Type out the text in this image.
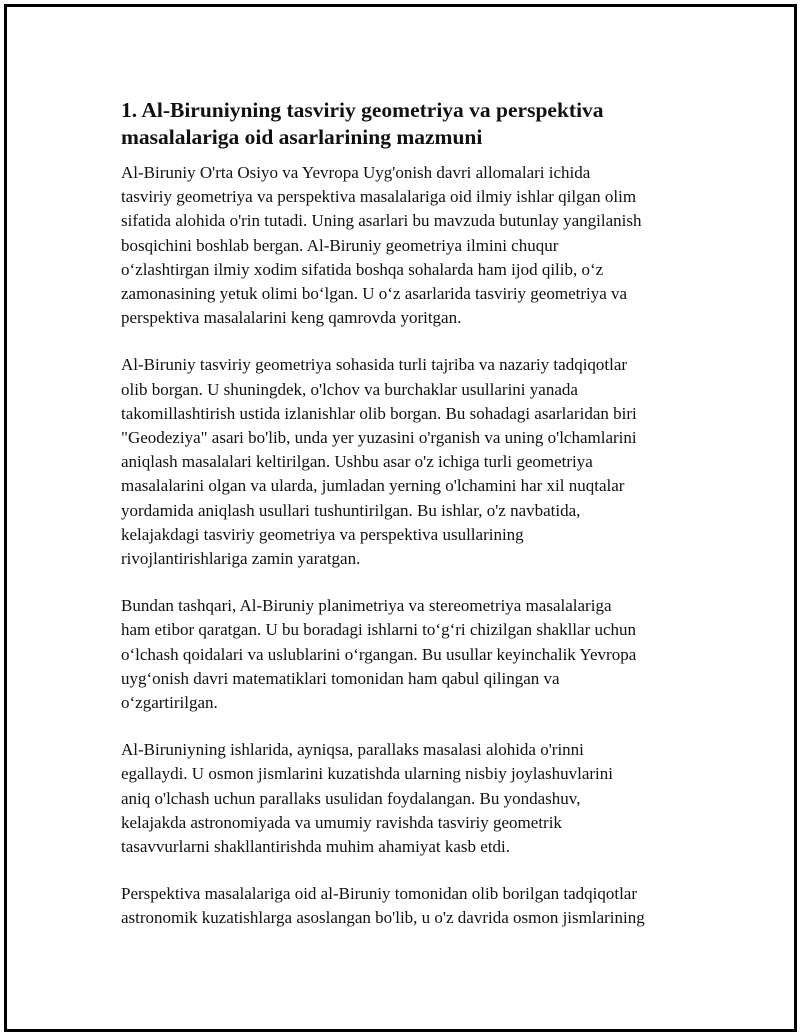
1. Al-Biruniyning tasviriy geometriya va perspektiva
masalalariga oid asarlarining mazmuni

Al-Biruniy O'rta Osiyo va Yevropa Uyg'onish davri allomalari ichida
tasviriy geometriya va perspektiva masalalariga oid ilmiy ishlar qilgan olim
sifatida alohida o'rin tutadi. Uning asarlari bu mavzuda butunlay yangilanish
bosqichini boshlab bergan. Al-Biruniy geometriya ilmini chuqur
o‘zlashtirgan ilmiy xodim sifatida boshqa sohalarda ham ijod qilib, o‘z
zamonasining yetuk olimi bo‘lgan. U o‘z asarlarida tasviriy geometriya va
perspektiva masalalarini keng qamrovda yoritgan.

Al-Biruniy tasviriy geometriya sohasida turli tajriba va nazariy tadqiqotlar
olib borgan. U shuningdek, o'lchov va burchaklar usullarini yanada
takomillashtirish ustida izlanishlar olib borgan. Bu sohadagi asarlaridan biri
"Geodeziya" asari bo'lib, unda yer yuzasini o'rganish va uning o'lchamlarini
aniqlash masalalari keltirilgan. Ushbu asar o'z ichiga turli geometriya
masalalarini olgan va ularda, jumladan yerning o'lchamini har xil nuqtalar
yordamida aniqlash usullari tushuntirilgan. Bu ishlar, o'z navbatida,
kelajakdagi tasviriy geometriya va perspektiva usullarining
rivojlantirishlariga zamin yaratgan.

Bundan tashqari, Al-Biruniy planimetriya va stereometriya masalalariga
ham etibor qaratgan. U bu boradagi ishlarni to‘g‘ri chizilgan shakllar uchun
o‘lchash qoidalari va uslublarini o‘rgangan. Bu usullar keyinchalik Yevropa
uyg‘onish davri matematiklari tomonidan ham qabul qilingan va
o‘zgartirilgan.

Al-Biruniyning ishlarida, ayniqsa, parallaks masalasi alohida o'rinni
egallaydi. U osmon jismlarini kuzatishda ularning nisbiy joylashuvlarini
aniq o'lchash uchun parallaks usulidan foydalangan. Bu yondashuv,
kelajakda astronomiyada va umumiy ravishda tasviriy geometrik
tasavvurlarni shakllantirishda muhim ahamiyat kasb etdi.

Perspektiva masalalariga oid al-Biruniy tomonidan olib borilgan tadqiqotlar
astronomik kuzatishlarga asoslangan bo'lib, u o'z davrida osmon jismlarining
